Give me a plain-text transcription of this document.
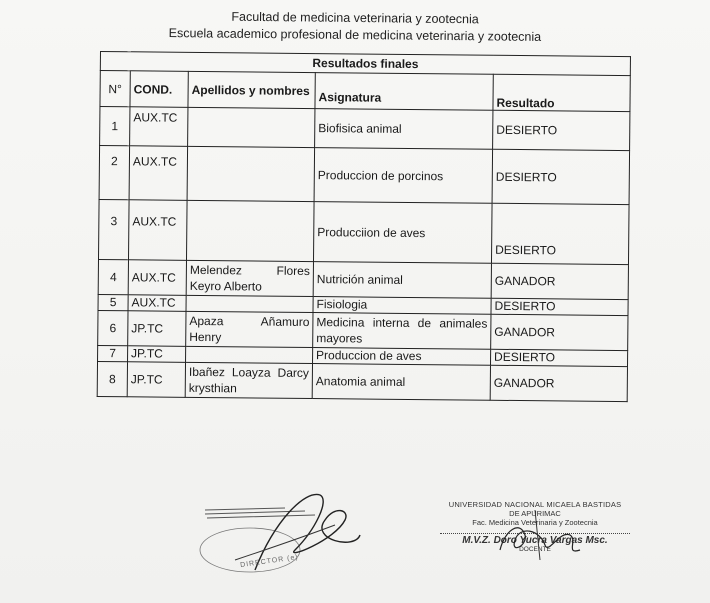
Facultad de medicina veterinaria y zootecnia
Escuela academico profesional de medicina veterinaria y zootecnia
Resultados finales				
N°	COND.	Apellidos y nombres	Asignatura	Resultado
1	AUX.TC		Biofisica animal	DESIERTO
2	AUX.TC		Produccion de porcinos	DESIERTO
3	AUX.TC		Producciion de aves	DESIERTO
4	AUX.TC	Melendez Flores Keyro Alberto	Nutrición animal	GANADOR
5	AUX.TC		Fisiologia	DESIERTO
6	JP.TC	Apaza Añamuro Henry	Medicina interna de animales mayores	GANADOR
7	JP.TC		Produccion de aves	DESIERTO
8	JP.TC	Ibañez Loayza Darcy krysthian	Anatomia animal	GANADOR
DIRECTOR (e)
UNIVERSIDAD NACIONAL MICAELA BASTIDAS
DE APURIMAC
Fac. Medicina Veterinaria y Zootecnia
M.V.Z. Doro Yucra Vargas Msc.
DOCENTE
